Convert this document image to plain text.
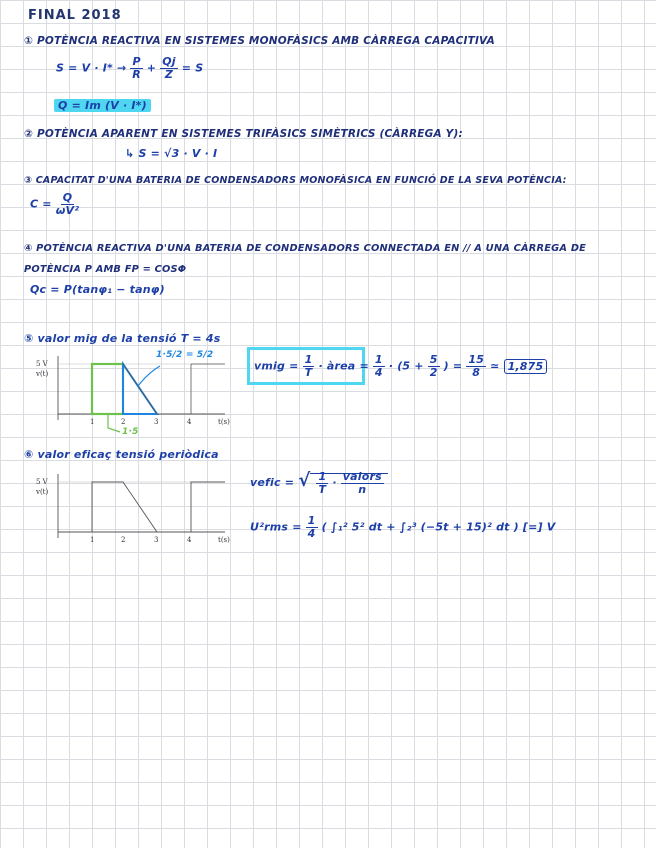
FINAL 2018
① POTÈNCIA REACTIVA EN SISTEMES MONOFÀSICS AMB CÀRREGA CAPACITIVA
$S = V \cdot I* \to \frac{P}{R} + \frac{Qj}{Z} = S$
Q = Im (V · I*)
② POTÈNCIA APARENT EN SISTEMES TRIFÀSICS SIMÈTRICS (CÀRREGA Y):
↳ S = √3 · V · I
③ CAPACITAT D'UNA BATERIA DE CONDENSADORS MONOFÀSICA EN FUNCIÓ DE LA SEVA POTÈNCIA:
$C = \frac{Q}{\text{ωV²}}$
④ POTÈNCIA REACTIVA D'UNA BATERIA DE CONDENSADORS CONNECTADA EN // A UNA CÀRREGA DE
POTÈNCIA P AMB FP = COSΦ
Qc = P(tanφ₁ − tanφ)
⑤ valor mig de la tensió T = 4s
5 V
v(t)
1	2	3	4	t(s)
1·5/2 = 5/2
1·5
vmig = $\frac{1}{T}$ · àrea = $\frac{1}{4} \cdot (5 + \frac{5}{2}$ ) = $\frac{15}{8}$ ≃ 1,875
⑥ valor eficaç tensió periòdica
5 V
v(t)
1	2	3	4	t(s)
vefic = √ $\frac{1}{T} \cdot \frac{\text{valors}}{n}$
$U^2rms = \frac{1}{4}$ ( ∫₁² 5² dt + ∫₂³ (−5t + 15)² dt ) [=] V
